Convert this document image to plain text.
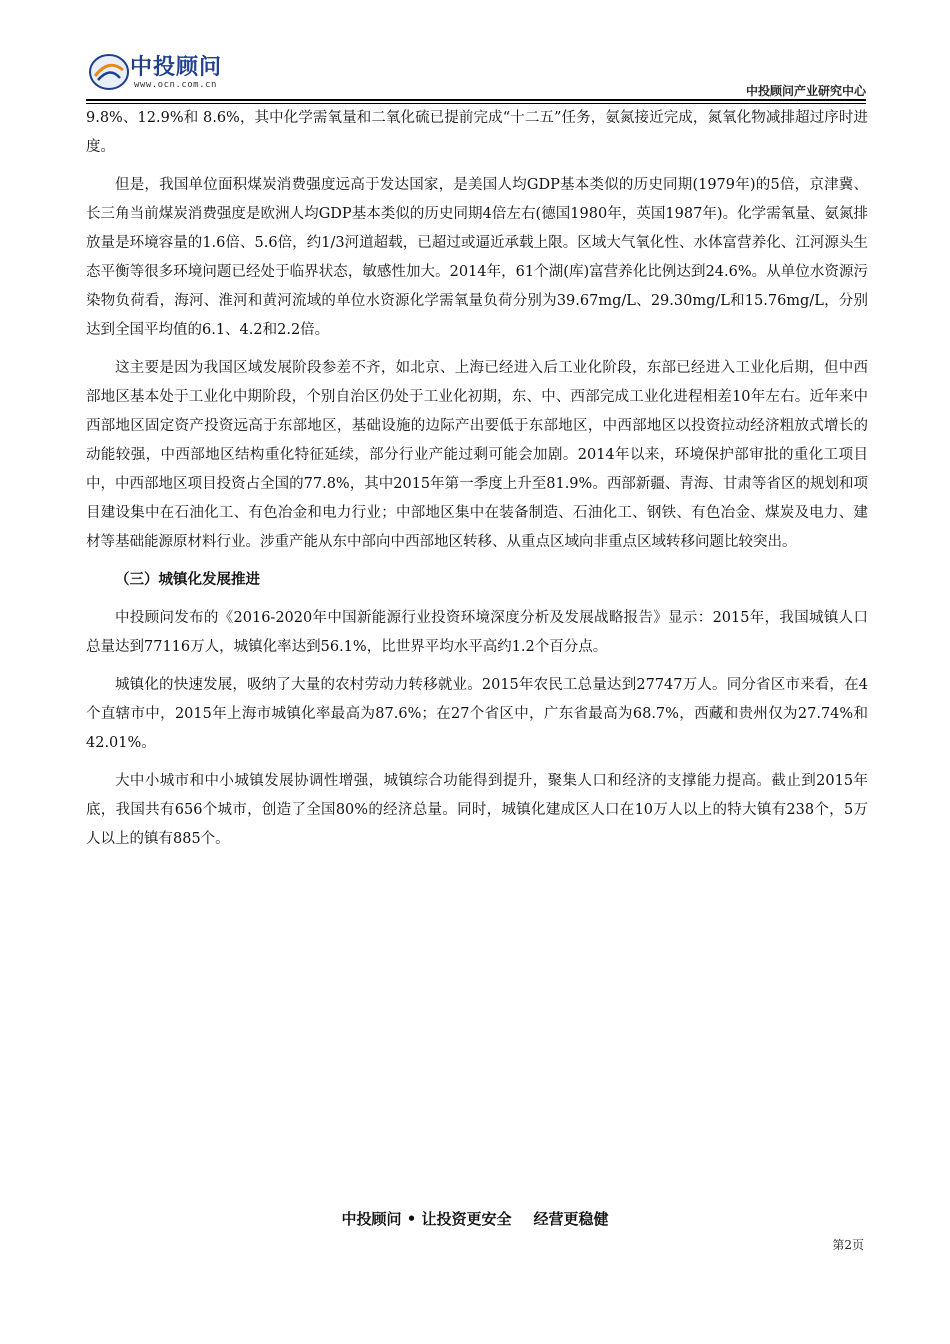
中投顾问
www.ocn.com.cn	中投顾问产业研究中心

9.8%、12.9%和 8.6%，其中化学需氧量和二氧化硫已提前完成“十二五”任务，氨氮接近完成，氮氧化物减排超过序时进度。

但是，我国单位面积煤炭消费强度远高于发达国家，是美国人均GDP基本类似的历史同期(1979年)的5倍，京津冀、长三角当前煤炭消费强度是欧洲人均GDP基本类似的历史同期4倍左右(德国1980年，英国1987年)。化学需氧量、氨氮排放量是环境容量的1.6倍、5.6倍，约1/3河道超载，已超过或逼近承载上限。区域大气氧化性、水体富营养化、江河源头生态平衡等很多环境问题已经处于临界状态，敏感性加大。2014年，61个湖(库)富营养化比例达到24.6%。从单位水资源污染物负荷看，海河、淮河和黄河流域的单位水资源化学需氧量负荷分别为39.67mg/L、29.30mg/L和15.76mg/L，分别达到全国平均值的6.1、4.2和2.2倍。

这主要是因为我国区域发展阶段参差不齐，如北京、上海已经进入后工业化阶段，东部已经进入工业化后期，但中西部地区基本处于工业化中期阶段，个别自治区仍处于工业化初期，东、中、西部完成工业化进程相差10年左右。近年来中西部地区固定资产投资远高于东部地区，基础设施的边际产出要低于东部地区，中西部地区以投资拉动经济粗放式增长的动能较强，中西部地区结构重化特征延续，部分行业产能过剩可能会加剧。2014年以来，环境保护部审批的重化工项目中，中西部地区项目投资占全国的77.8%，其中2015年第一季度上升至81.9%。西部新疆、青海、甘肃等省区的规划和项目建设集中在石油化工、有色冶金和电力行业；中部地区集中在装备制造、石油化工、钢铁、有色冶金、煤炭及电力、建材等基础能源原材料行业。涉重产能从东中部向中西部地区转移、从重点区域向非重点区域转移问题比较突出。

（三）城镇化发展推进

中投顾问发布的《2016-2020年中国新能源行业投资环境深度分析及发展战略报告》显示：2015年，我国城镇人口总量达到77116万人，城镇化率达到56.1%，比世界平均水平高约1.2个百分点。

城镇化的快速发展，吸纳了大量的农村劳动力转移就业。2015年农民工总量达到27747万人。同分省区市来看，在4个直辖市中，2015年上海市城镇化率最高为87.6%；在27个省区中，广东省最高为68.7%，西藏和贵州仅为27.74%和42.01%。

大中小城市和中小城镇发展协调性增强，城镇综合功能得到提升，聚集人口和经济的支撑能力提高。截止到2015年底，我国共有656个城市，创造了全国80%的经济总量。同时，城镇化建成区人口在10万人以上的特大镇有238个，5万人以上的镇有885个。

中投顾问 • 让投资更安全 经营更稳健
第2页
